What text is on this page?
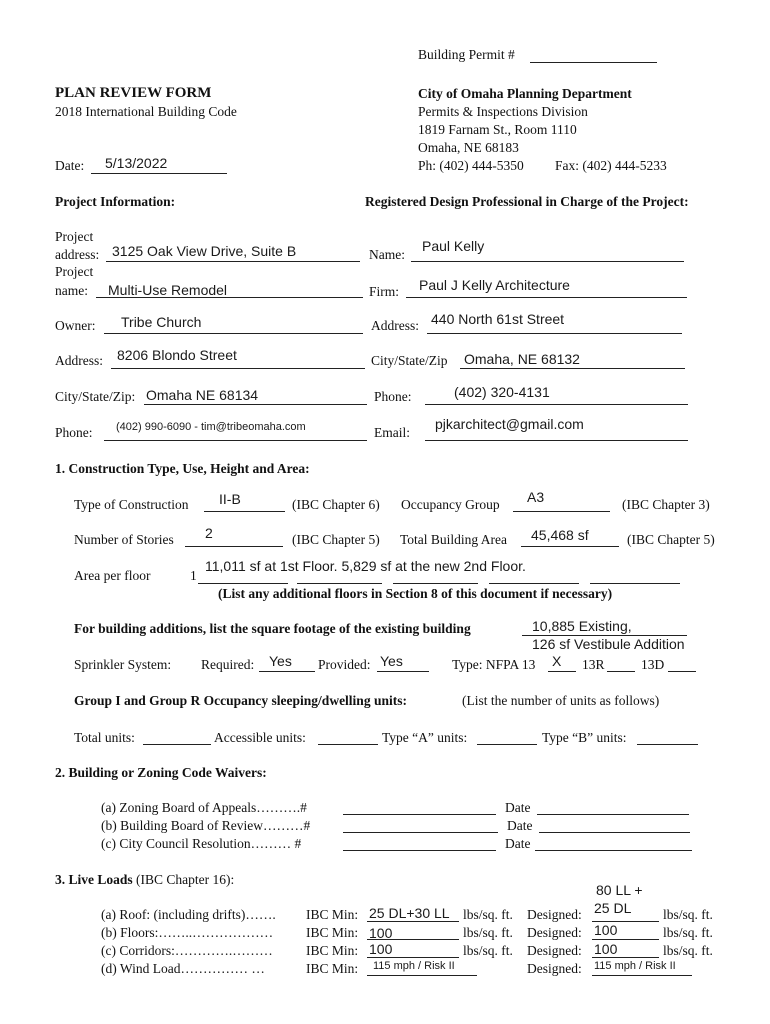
Building Permit #
PLAN REVIEW FORM
2018 International Building Code
City of Omaha Planning Department
Permits & Inspections Division
1819 Farnam St., Room 1110
Omaha, NE 68183
Ph: (402) 444-5350 Fax: (402) 444-5233
Date: 5/13/2022
Project Information:	Registered Design Professional in Charge of the Project:
Project
address: 3125 Oak View Drive, Suite B
Project
name: Multi-Use Remodel
Owner: Tribe Church
Address: 8206 Blondo Street
City/State/Zip: Omaha NE 68134
Phone: (402) 990-6090 - tim@tribeomaha.com
Name:
Paul Kelly
Firm: Paul J Kelly Architecture
Address: 440 North 61st Street
City/State/Zip Omaha, NE 68132
Phone:	(402) 320-4131
Email:
pjkarchitect@gmail.com
1. Construction Type, Use, Height and Area:
Type of Construction II-B	(IBC Chapter 6) Occupancy Group A3	(IBC Chapter 3)
Number of Stories 2	(IBC Chapter 5) Total Building Area 45,468 sf	(IBC Chapter 5)
Area per floor	1
11,011 sf at 1st Floor. 5,829 sf at the new 2nd Floor.
(List any additional floors in Section 8 of this document if necessary)
For building additions, list the square footage of the existing building	10,885 Existing,
126 sf Vestibule Addition
Sprinkler System: Required: Yes Provided: Yes	Type: NFPA 13 X 13R	13D
Group I and Group R Occupancy sleeping/dwelling units:	(List the number of units as follows)
Total units:	Accessible units:	Type “A” units:	Type “B” units:
2. Building or Zoning Code Waivers:
(a) Zoning Board of Appeals……….#	Date
(b) Building Board of Review………#	Date
(c) City Council Resolution……… #	Date
3. Live Loads (IBC Chapter 16):
80 LL +
(a) Roof: (including drifts)……. IBC Min: 25 DL+30 LL lbs/sq. ft. Designed: 25 DL lbs/sq. ft.
(b) Floors:……..……………… IBC Min: 100	lbs/sq. ft. Designed: 100	lbs/sq. ft.
(c) Corridors:………….……… IBC Min: 100	lbs/sq. ft. Designed: 100	lbs/sq. ft.
(d) Wind Load…………… …	IBC Min: 115 mph / Risk II	Designed: 115 mph / Risk II
